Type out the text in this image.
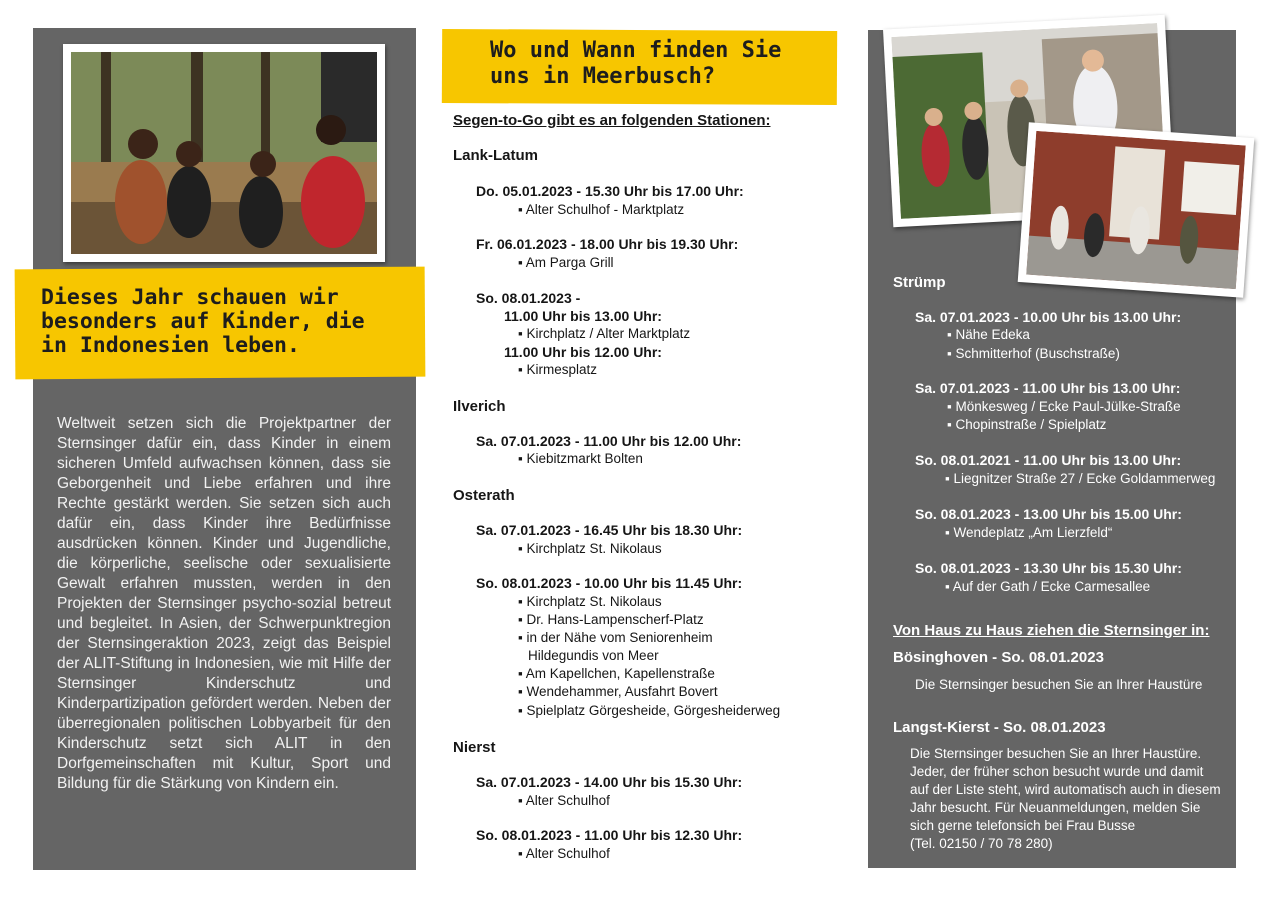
Dieses Jahr schauen wir
besonders auf Kinder, die
in Indonesien leben.
Weltweit setzen sich die Projektpartner der Sternsinger dafür ein, dass Kinder in einem sicheren Umfeld aufwachsen können, dass sie Geborgenheit und Liebe erfahren und ihre Rechte gestärkt werden. Sie setzen sich auch dafür ein, dass Kinder ihre Bedürfnisse ausdrücken können. Kinder und Jugendliche, die körperliche, seelische oder sexualisierte Gewalt erfahren mussten, werden in den Projekten der Sternsinger psycho-sozial betreut und begleitet. In Asien, der Schwerpunktregion der Sternsingeraktion 2023, zeigt das Beispiel der ALIT-Stiftung in Indonesien, wie mit Hilfe der Sternsinger Kinderschutz und Kinderpartizipation gefördert werden. Neben der überregionalen politischen Lobbyarbeit für den Kinderschutz setzt sich ALIT in den Dorfgemeinschaften mit Kultur, Sport und Bildung für die Stärkung von Kindern ein.
Wo und Wann finden Sie
uns in Meerbusch?
Segen-to-Go gibt es an folgenden Stationen:
Lank-Latum
Do. 05.01.2023 - 15.30 Uhr bis 17.00 Uhr:
▪ Alter Schulhof - Marktplatz
Fr. 06.01.2023 - 18.00 Uhr bis 19.30 Uhr:
▪ Am Parga Grill
So. 08.01.2023 -
11.00 Uhr bis 13.00 Uhr:
▪ Kirchplatz / Alter Marktplatz
11.00 Uhr bis 12.00 Uhr:
▪ Kirmesplatz
Ilverich
Sa. 07.01.2023 - 11.00 Uhr bis 12.00 Uhr:
▪ Kiebitzmarkt Bolten
Osterath
Sa. 07.01.2023 - 16.45 Uhr bis 18.30 Uhr:
▪ Kirchplatz St. Nikolaus
So. 08.01.2023 - 10.00 Uhr bis 11.45 Uhr:
▪ Kirchplatz St. Nikolaus
▪ Dr. Hans-Lampenscherf-Platz
▪ in der Nähe vom Seniorenheim
Hildegundis von Meer
▪ Am Kapellchen, Kapellenstraße
▪ Wendehammer, Ausfahrt Bovert
▪ Spielplatz Görgesheide, Görgesheiderweg
Nierst
Sa. 07.01.2023 - 14.00 Uhr bis 15.30 Uhr:
▪ Alter Schulhof
So. 08.01.2023 - 11.00 Uhr bis 12.30 Uhr:
▪ Alter Schulhof
Strümp
Sa. 07.01.2023 - 10.00 Uhr bis 13.00 Uhr:
▪ Nähe Edeka
▪ Schmitterhof (Buschstraße)
Sa. 07.01.2023 - 11.00 Uhr bis 13.00 Uhr:
▪ Mönkesweg / Ecke Paul-Jülke-Straße
▪ Chopinstraße / Spielplatz
So. 08.01.2021 - 11.00 Uhr bis 13.00 Uhr:
▪ Liegnitzer Straße 27 / Ecke Goldammerweg
So. 08.01.2023 - 13.00 Uhr bis 15.00 Uhr:
▪ Wendeplatz „Am Lierzfeld“
So. 08.01.2023 - 13.30 Uhr bis 15.30 Uhr:
▪ Auf der Gath / Ecke Carmesallee
Von Haus zu Haus ziehen die Sternsinger in:
Bösinghoven - So. 08.01.2023
Die Sternsinger besuchen Sie an Ihrer Haustüre
Langst-Kierst - So. 08.01.2023
Die Sternsinger besuchen Sie an Ihrer Haustüre.
Jeder, der früher schon besucht wurde und damit
auf der Liste steht, wird automatisch auch in diesem
Jahr besucht. Für Neuanmeldungen, melden Sie
sich gerne telefonsich bei Frau Busse
(Tel. 02150 / 70 78 280)
